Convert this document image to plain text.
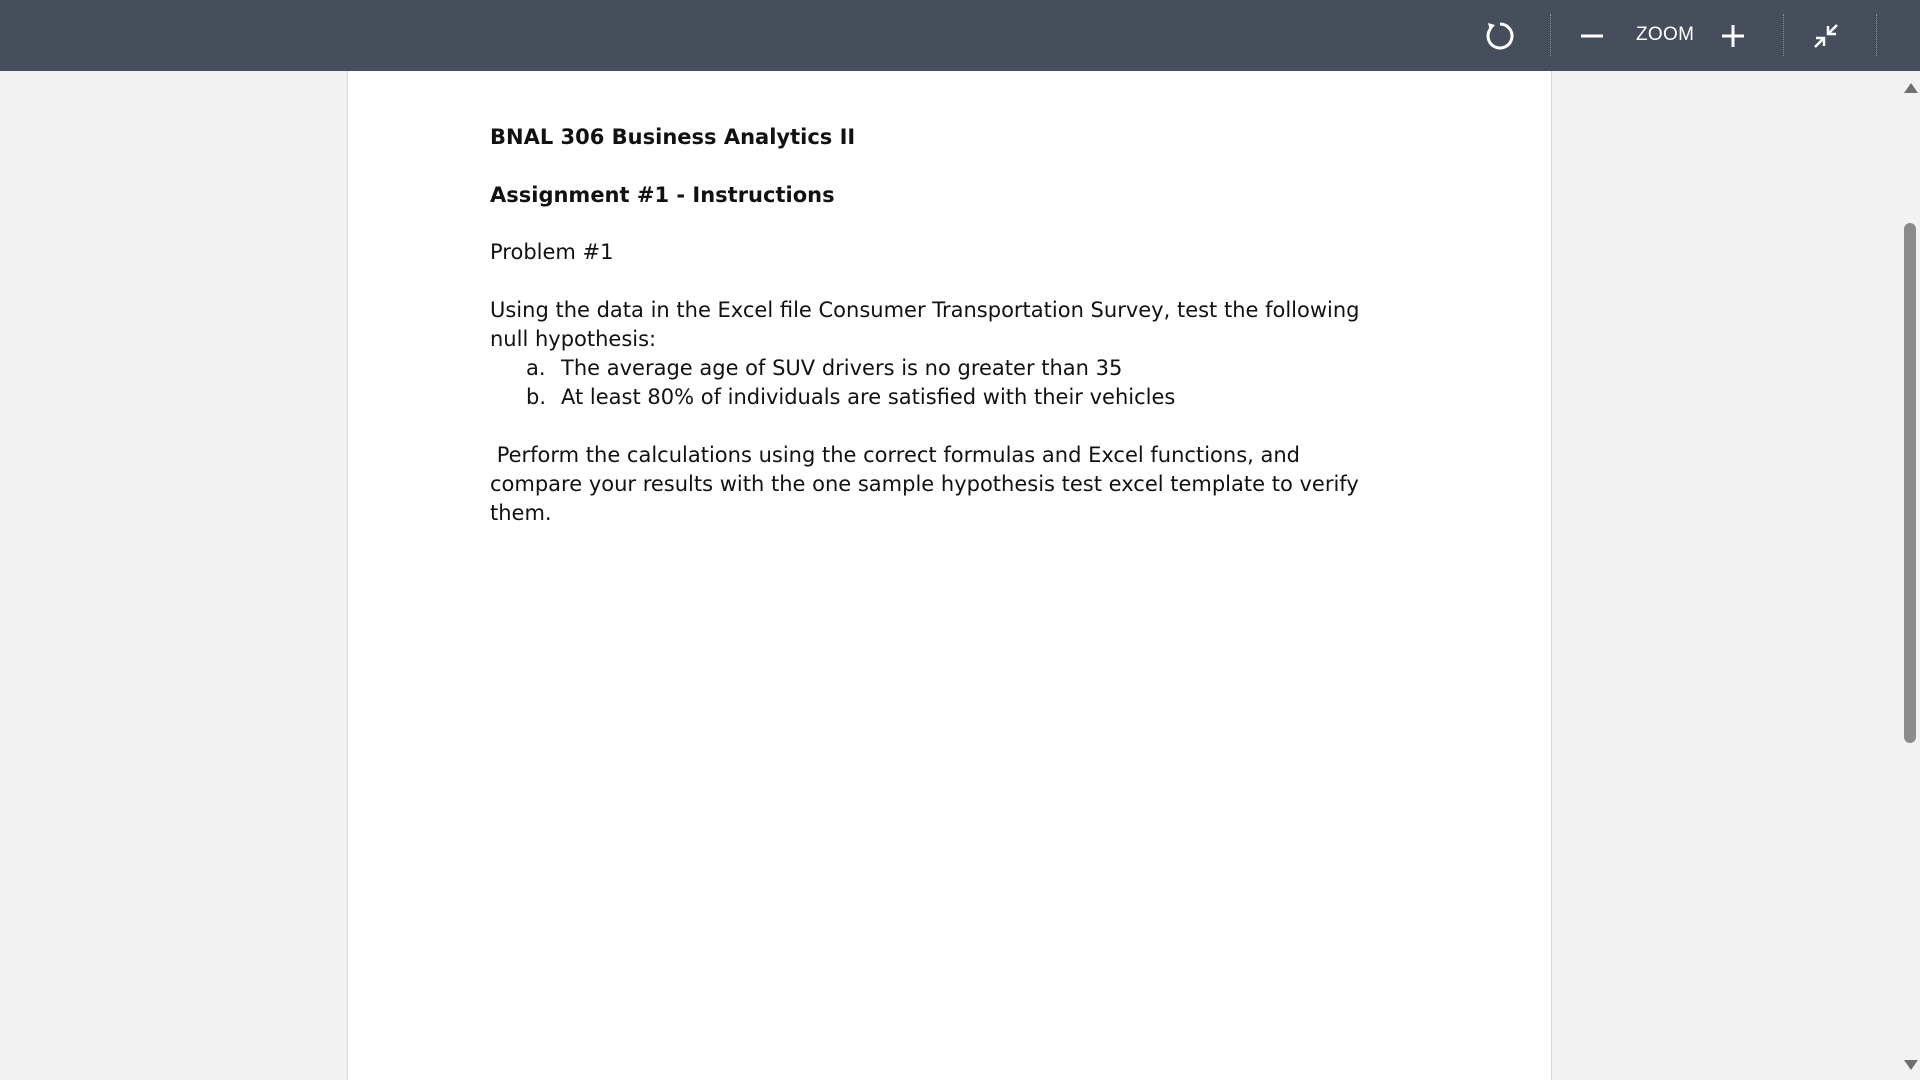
ZOOM

BNAL 306 Business Analytics II

Assignment #1 - Instructions

Problem #1

Using the data in the Excel file Consumer Transportation Survey, test the following null hypothesis:

a. The average age of SUV drivers is no greater than 35
b. At least 80% of individuals are satisfied with their vehicles

Perform the calculations using the correct formulas and Excel functions, and compare your results with the one sample hypothesis test excel template to verify them.
